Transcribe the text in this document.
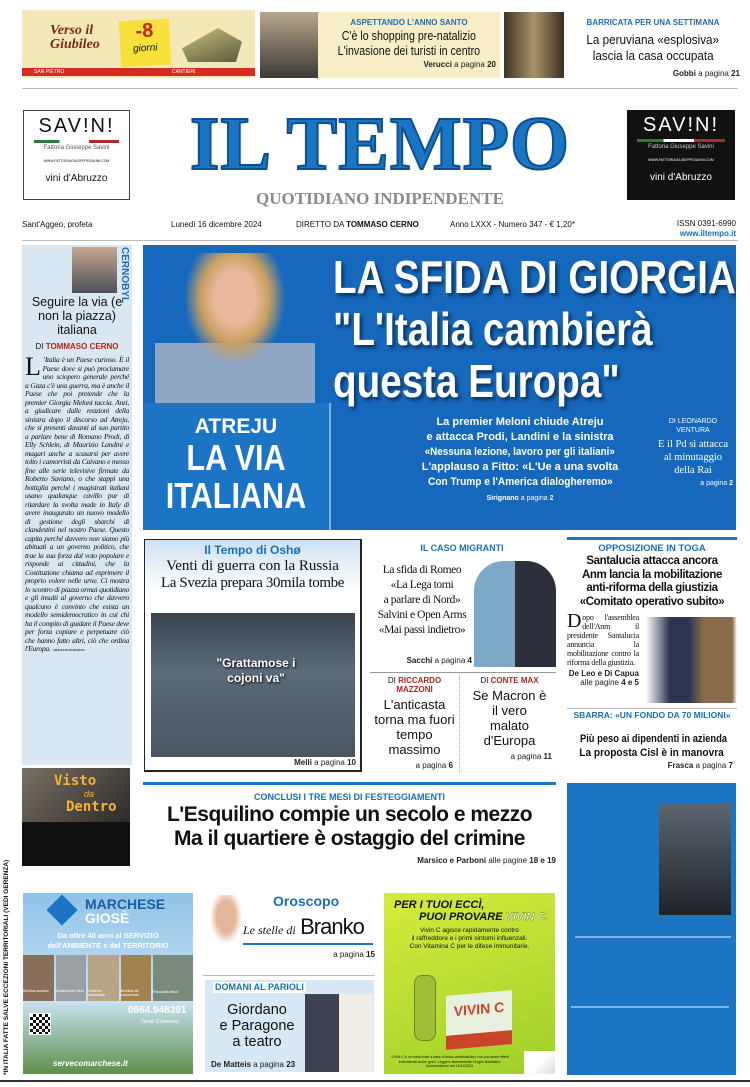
Verso il Giubileo
-8
giorni
SAN PIETRO	CANTIERI
ASPETTANDO L'ANNO SANTO
C'è lo shopping pre-natalizio
L'invasione dei turisti in centro
Verucci a pagina 20
BARRICATA PER UNA SETTIMANA
La peruviana «esplosiva»
lascia la casa occupata
Gobbi a pagina 21
SAV!N!
Fattoria Giuseppe Savini
WWW.FATTORIAGIUSEPPESAVINI.COM
vini d'Abruzzo
SAV!N!
Fattoria Giuseppe Savini
WWW.FATTORIAGIUSEPPESAVINI.COM
vini d'Abruzzo
IL TEMPO
QUOTIDIANO INDIPENDENTE
Sant'Aggeo, profeta	Lunedì 16 dicembre 2024	DIRETTO DA TOMMASO CERNO	Anno LXXX - Numero 347 - € 1,20*	ISSN 0391-6990
www.iltempo.it
CERNOBYL
Seguire la via (e non la piazza) italiana
DI TOMMASO CERNO
L ’Italia è un Paese curioso. È il Paese dove si può proclamare uno sciopero generale perché a Gaza c'è una guerra, ma è anche il Paese che poi pretende che la premier Giorgia Meloni taccia. Anzi, a giudicare dalle reazioni della sinistra dopo il discorso ad Atreju, che si presenti davanti al suo partito a parlare bene di Romano Prodi, di Elly Schlein, di Maurizio Landini e magari anche a scusarsi per avere tolto i camorristi da Caivano e messo fine alle serie televisive firmate da Roberto Saviano, o che stappi una bottiglia perché i magistrati italiani usano qualunque cavillo pur di ritardare la svolta made in Italy di avere inaugurato un nuovo modello di gestione degli sbarchi di clandestini nel nostro Paese. Questo capita perché davvero non siamo più abituati a un governo politico, che trae la sua forza dal voto popolare e risponde ai cittadini, che la Costituzione chiama ad esprimere il proprio volere nelle urne. Ci mostra lo scontro di piazza ormai quotidiano e gli insulti al governo che davvero qualcuno è convinto che esista un modello semidemocratico in cui chi ha il compito di guidare il Paese deve per forza copiare e perpetuare ciò che hanno fatto altri, ciò che ordina l'Europa. ©RIPRODUZIONE RISERVATA
Visto
da
Dentro
ATREJU
LA VIA
ITALIANA
LA SFIDA DI GIORGIA
"L'Italia cambierà
questa Europa"
La premier Meloni chiude Atreju
e attacca Prodi, Landini e la sinistra
«Nessuna lezione, lavoro per gli italiani»
L'applauso a Fitto: «L'Ue a una svolta
Con Trump e l'America dialogheremo»
Sirignano a pagina 2
DI LEONARDO VENTURA
E il Pd si attacca al minutaggio della Rai
a pagina 2
Il Tempo di Oshø
Venti di guerra con la Russia
La Svezia prepara 30mila tombe
"Grattamose i cojoni va"
Melli a pagina 10
IL CASO MIGRANTI
La sfida di Romeo
«La Lega torni
a parlare di Nord»
Salvini e Open Arms
«Mai passi indietro»
Sacchi a pagina 4
DI RICCARDO MAZZONI
L'anticasta torna ma fuori tempo massimo
a pagina 6
DI CONTE MAX
Se Macron è il vero malato d'Europa
a pagina 11
OPPOSIZIONE IN TOGA
Santalucia attacca ancora
Anm lancia la mobilitazione
anti-riforma della giustizia
«Comitato operativo subito»
Dopo l'assemblea dell'Anm il presidente Santalucia annuncia la mobilitazione contro la riforma della giustizia.
De Leo e Di Capua
alle pagine 4 e 5
SBARRA: «UN FONDO DA 70 MILIONI»
Più peso ai dipendenti in azienda
La proposta Cisl è in manovra
Frasca a pagina 7
CONCLUSI I TRE MESI DI FESTEGGIAMENTI
L'Esquilino compie un secolo e mezzo
Ma il quartiere è ostaggio del crimine
Marsico e Parboni alle pagine 18 e 19
*IN ITALIA FATTE SALVE ECCEZIONI TERRITORIALI (VEDI GERENZA)	MARCHESE
GIOSÈ
Da oltre 40 anni al SERVIZIO
dell'AMBIENTE e del TERRITORIO
Bonifica amianto	Smaltimento rifiuti	Gestione ambientale
Bonifica siti contaminati
Raccolta rifiuti
0984.948391
Tarsia (Cosenza)
servecomarchese.it
Oroscopo
Le stelle di Branko
a pagina 15
DOMANI AL PARIOLI
Giordano
e Paragone
a teatro
De Matteis a pagina 23
PER I TUOI ECCÌ,
PUOI PROVARE VIVIN C.
Vivin C agisce rapidamente contro
il raffreddore e i primi sintomi influenzali.
Con Vitamina C per le difese immunitarie.
VIVIN C
VIVIN C è un medicinale a base di acido acetilsalicilico che può avere effetti indesiderati anche gravi. Leggere attentamente il foglio illustrativo. Autorizzazione del 14/11/2023.
